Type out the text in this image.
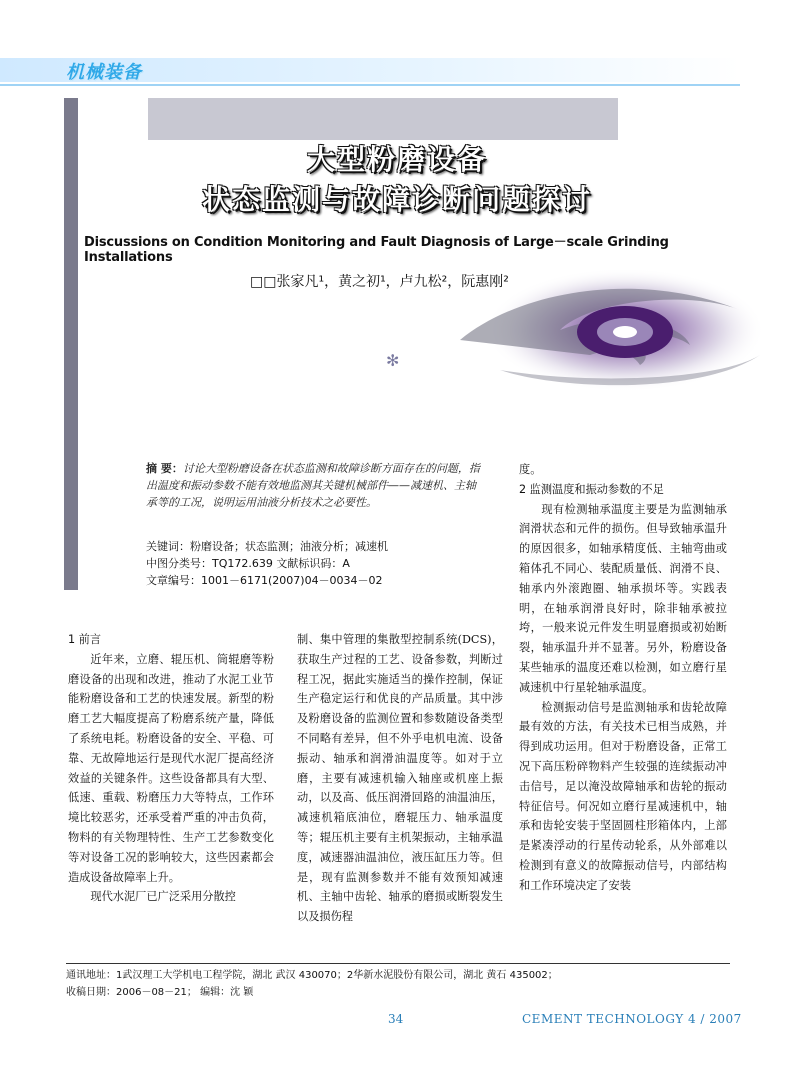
机械装备
大型粉磨设备
状态监测与故障诊断问题探讨
Discussions on Condition Monitoring and Fault Diagnosis of Large－scale Grinding Installations
□□张家凡¹，黄之初¹，卢九松²，阮惠刚²
✻
摘 要：讨论大型粉磨设备在状态监测和故障诊断方面存在的问题，指出温度和振动参数不能有效地监测其关键机械部件——减速机、主轴承等的工况，说明运用油液分析技术之必要性。
关键词：粉磨设备；状态监测；油液分析；减速机
中图分类号：TQ172.639 文献标识码：A
文章编号：1001－6171(2007)04－0034－02

1 前言

近年来，立磨、辊压机、筒辊磨等粉磨设备的出现和改进，推动了水泥工业节能粉磨设备和工艺的快速发展。新型的粉磨工艺大幅度提高了粉磨系统产量，降低了系统电耗。粉磨设备的安全、平稳、可靠、无故障地运行是现代水泥厂提高经济效益的关键条件。这些设备都具有大型、低速、重载、粉磨压力大等特点，工作环境比较恶劣，还承受着严重的冲击负荷，物料的有关物理特性、生产工艺参数变化等对设备工况的影响较大，这些因素都会造成设备故障率上升。

现代水泥厂已广泛采用分散控

制、集中管理的集散型控制系统(DCS)，获取生产过程的工艺、设备参数，判断过程工况，据此实施适当的操作控制，保证生产稳定运行和优良的产品质量。其中涉及粉磨设备的监测位置和参数随设备类型不同略有差异，但不外乎电机电流、设备振动、轴承和润滑油温度等。如对于立磨，主要有减速机输入轴座或机座上振动，以及高、低压润滑回路的油温油压，减速机箱底油位，磨辊压力、轴承温度等；辊压机主要有主机架振动，主轴承温度，减速器油温油位，液压缸压力等。但是，现有监测参数并不能有效预知减速机、主轴中齿轮、轴承的磨损或断裂发生以及损伤程

度。

2 监测温度和振动参数的不足

现有检测轴承温度主要是为监测轴承润滑状态和元件的损伤。但导致轴承温升的原因很多，如轴承精度低、主轴弯曲或箱体孔不同心、装配质量低、润滑不良、轴承内外滚跑圈、轴承损坏等。实践表明，在轴承润滑良好时，除非轴承被拉垮，一般来说元件发生明显磨损或初始断裂，轴承温升并不显著。另外，粉磨设备某些轴承的温度还难以检测，如立磨行星减速机中行星轮轴承温度。

检测振动信号是监测轴承和齿轮故障最有效的方法，有关技术已相当成熟，并得到成功运用。但对于粉磨设备，正常工况下高压粉碎物料产生较强的连续振动冲击信号，足以淹没故障轴承和齿轮的振动特征信号。何况如立磨行星减速机中，轴承和齿轮安装于坚固圆柱形箱体内，上部是紧凑浮动的行星传动轮系，从外部难以检测到有意义的故障振动信号，内部结构和工作环境决定了安装

通讯地址：1武汉理工大学机电工程学院，湖北 武汉 430070；2华新水泥股份有限公司，湖北 黄石 435002；
收稿日期：2006－08－21； 编辑：沈 颖
34	CEMENT TECHNOLOGY 4 / 2007
